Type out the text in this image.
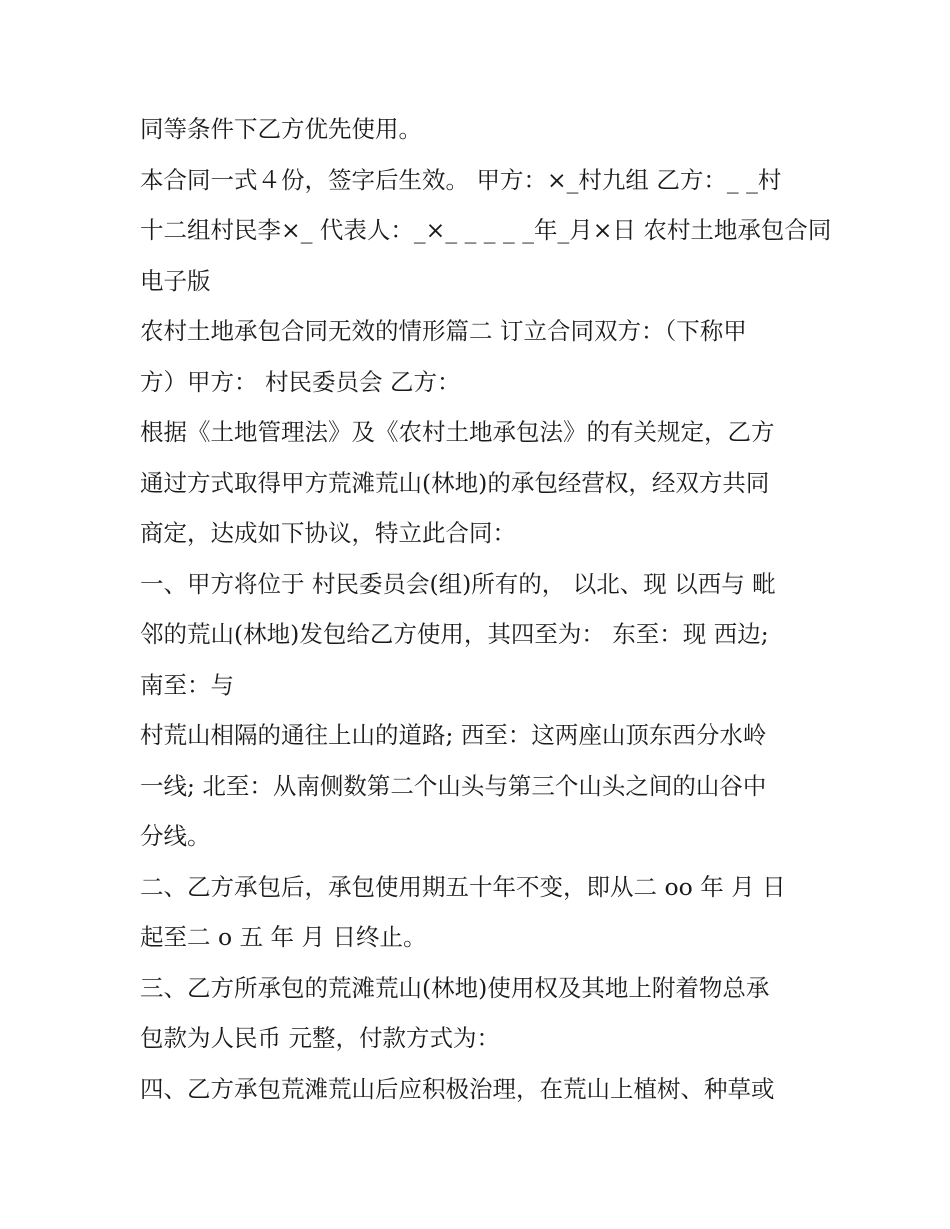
同等条件下乙方优先使用。
本合同一式４份，签字后生效。 甲方：×_村九组 乙方：_ _村
十二组村民李×_ 代表人：_×_ _ _ _ _年_月×日 农村土地承包合同
电子版
农村土地承包合同无效的情形篇二 订立合同双方：（下称甲
方）甲方： 村民委员会 乙方：
根据《土地管理法》及《农村土地承包法》的有关规定，乙方
通过方式取得甲方荒滩荒山(林地)的承包经营权，经双方共同
商定，达成如下协议，特立此合同：
一、甲方将位于 村民委员会(组)所有的， 以北、现 以西与 毗
邻的荒山(林地)发包给乙方使用，其四至为： 东至：现 西边;
南至：与
村荒山相隔的通往上山的道路; 西至：这两座山顶东西分水岭
一线; 北至：从南侧数第二个山头与第三个山头之间的山谷中
分线。
二、乙方承包后，承包使用期五十年不变，即从二 oo 年 月 日
起至二 o 五 年 月 日终止。
三、乙方所承包的荒滩荒山(林地)使用权及其地上附着物总承
包款为人民币 元整，付款方式为：
四、乙方承包荒滩荒山后应积极治理，在荒山上植树、种草或
